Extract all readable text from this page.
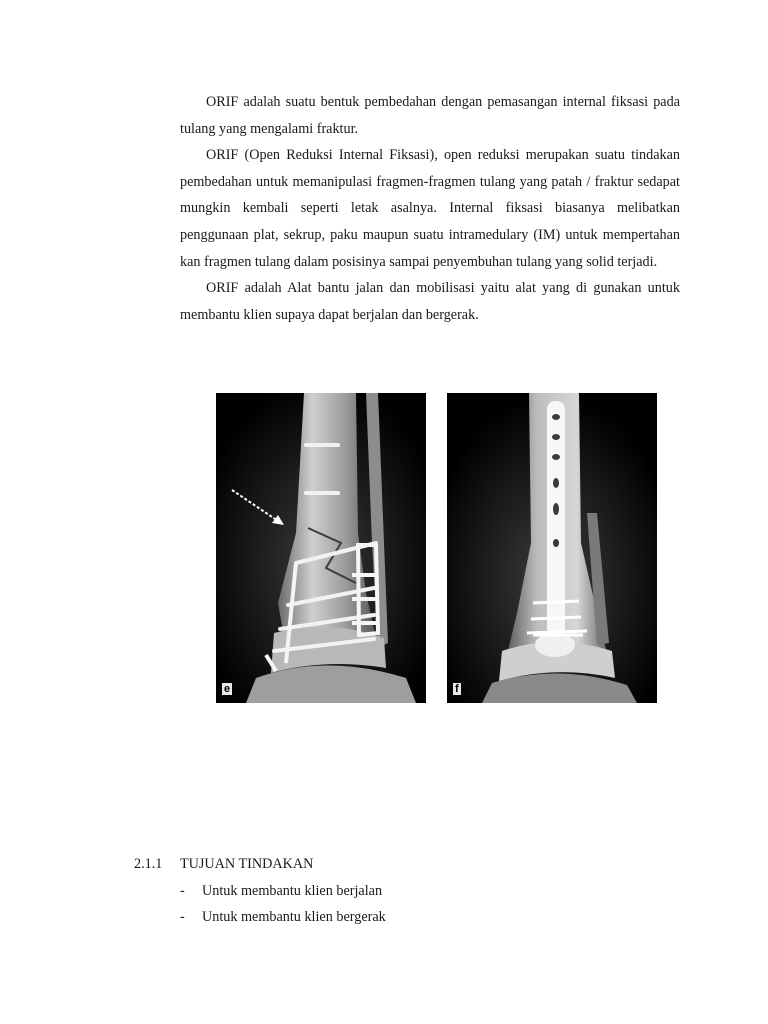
ORIF adalah suatu bentuk pembedahan dengan pemasangan internal fiksasi pada tulang yang mengalami fraktur.

ORIF (Open Reduksi Internal Fiksasi), open reduksi merupakan suatu tindakan pembedahan untuk memanipulasi fragmen-fragmen tulang yang patah / fraktur sedapat mungkin kembali seperti letak asalnya. Internal fiksasi biasanya melibatkan penggunaan plat, sekrup, paku maupun suatu intramedulary (IM) untuk mempertahan kan fragmen tulang dalam posisinya sampai penyembuhan tulang yang solid terjadi.

ORIF adalah Alat bantu jalan dan mobilisasi yaitu alat yang di gunakan untuk membantu klien supaya dapat berjalan dan bergerak.

e	f
2.1.1	TUJUAN TINDAKAN
-	Untuk membantu klien berjalan
-	Untuk membantu klien bergerak
